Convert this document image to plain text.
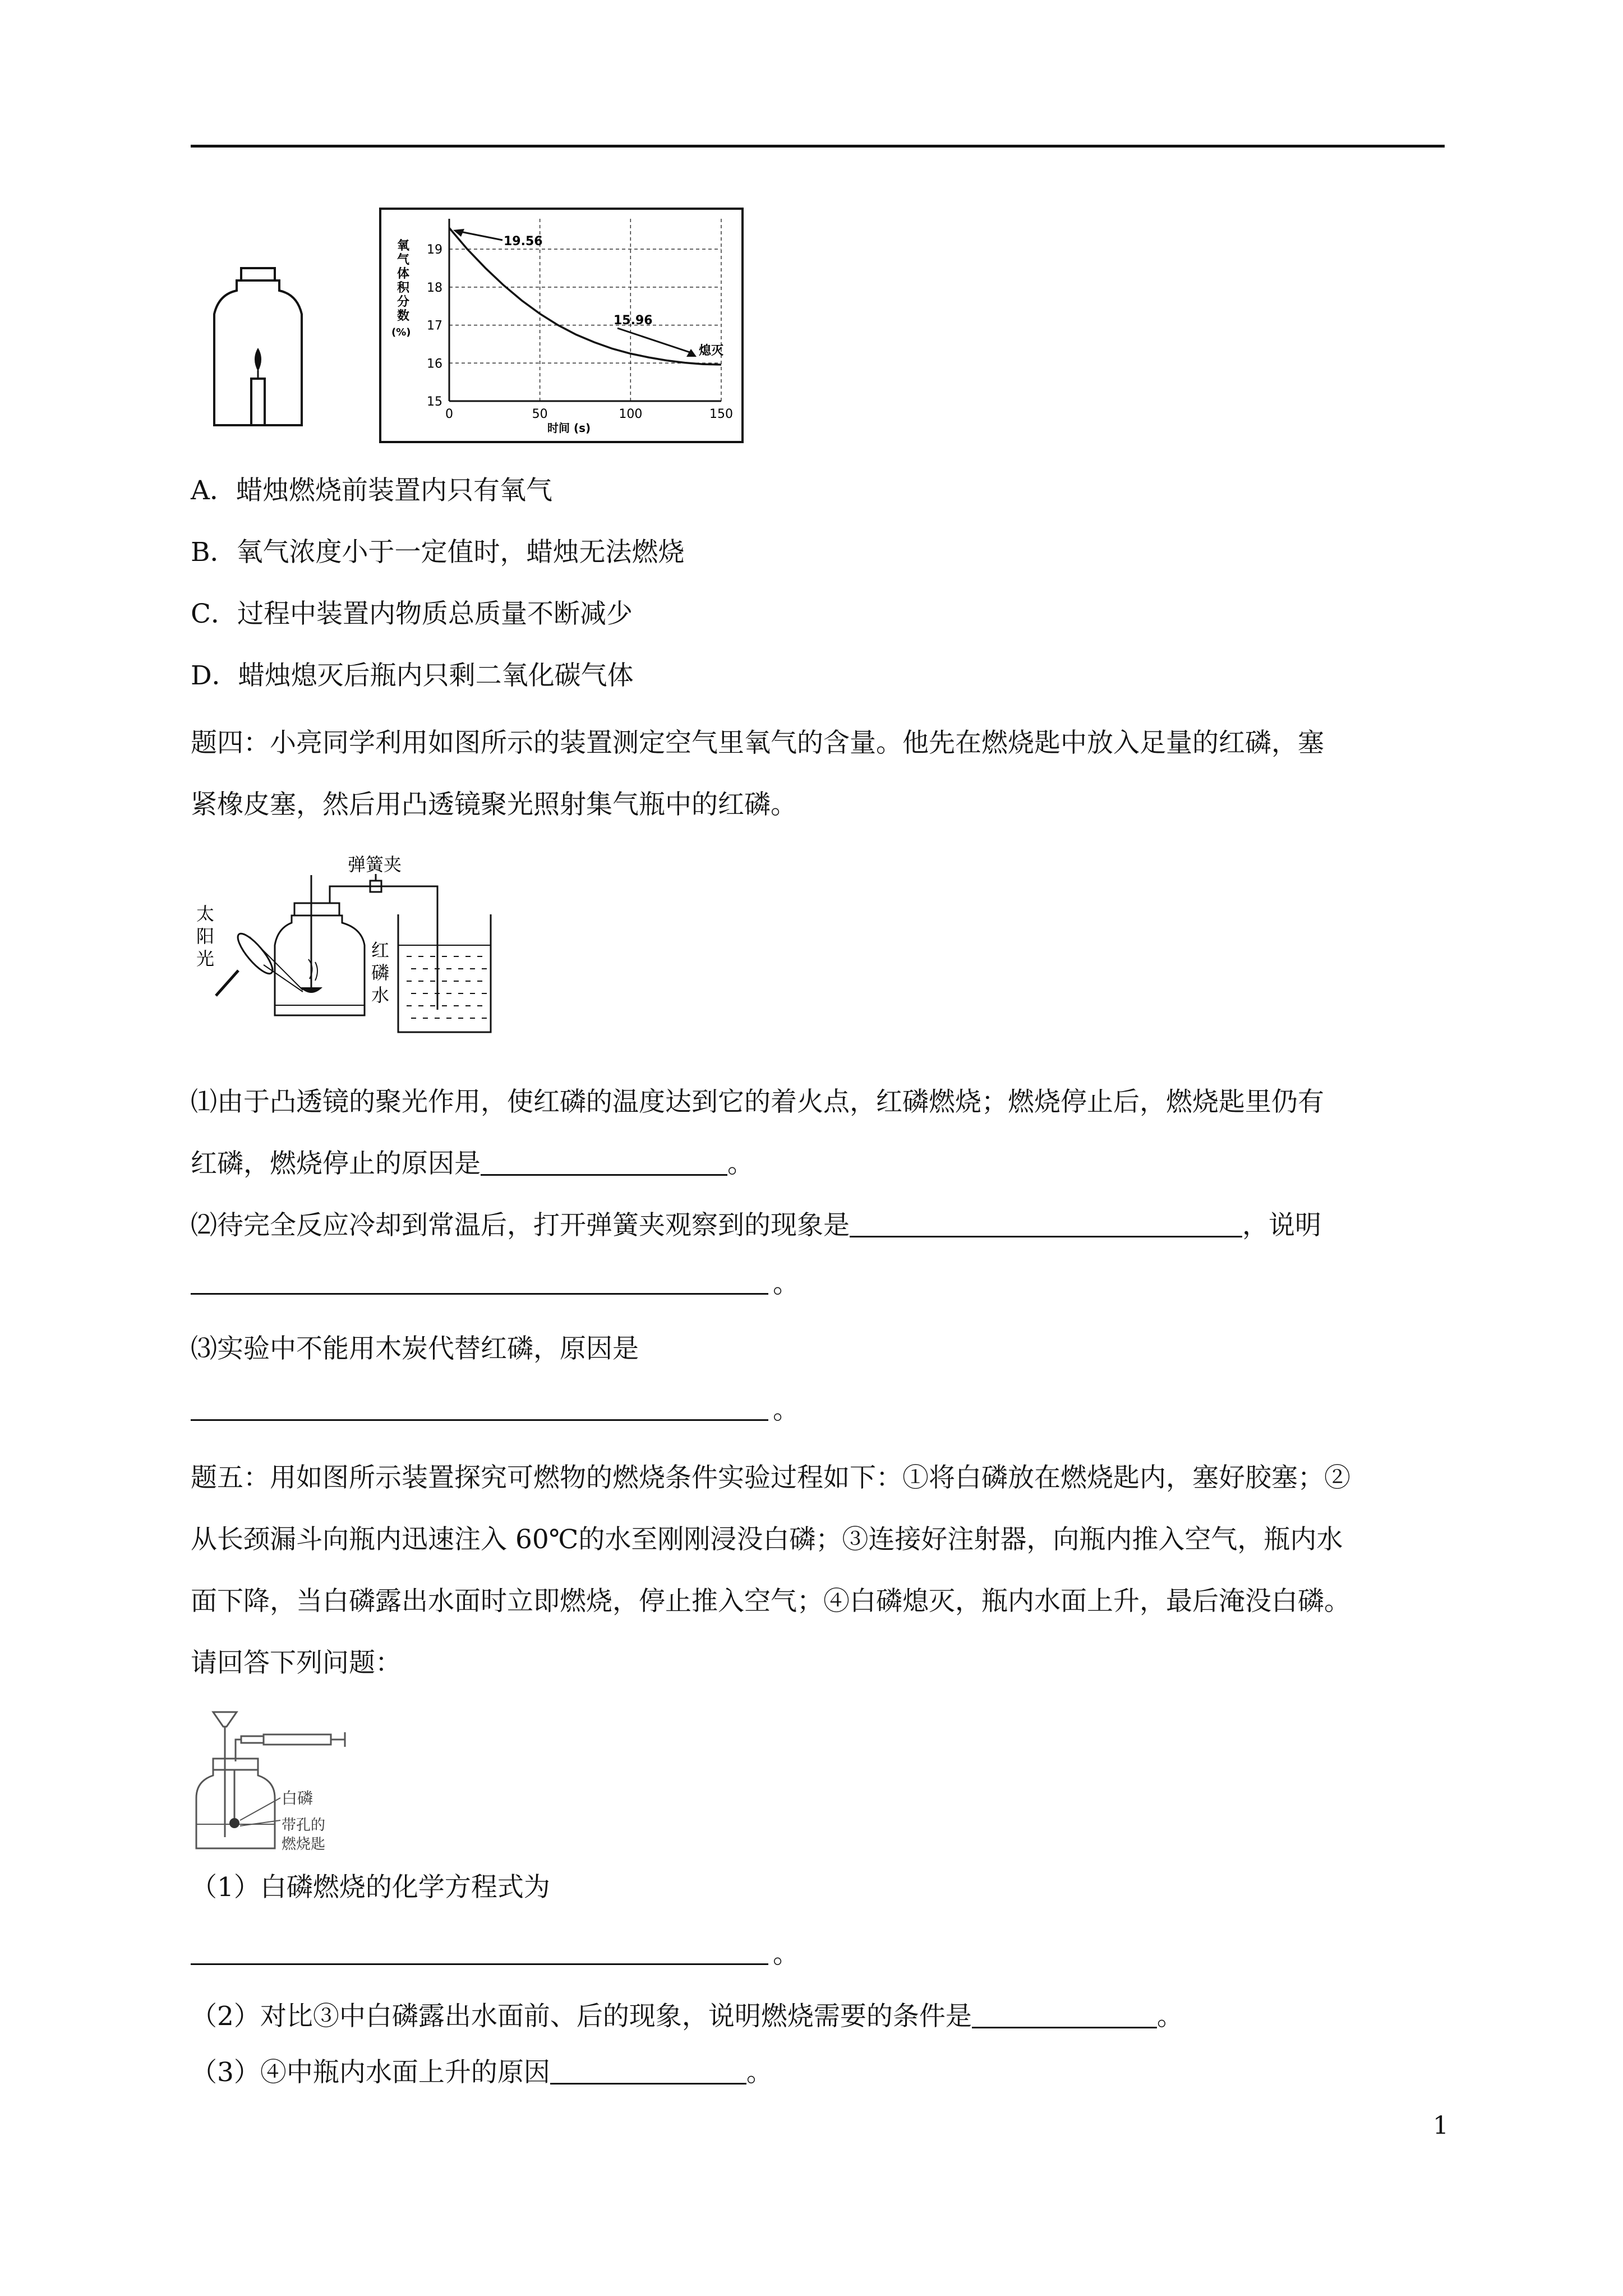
15
16
17
18
19
0	50	100	150
氧
气
体
积
分
数
(%)
时间 (s)
19.56
15.96
熄灭
A．蜡烛燃烧前装置内只有氧气
B．氧气浓度小于一定值时，蜡烛无法燃烧
C．过程中装置内物质总质量不断减少
D．蜡烛熄灭后瓶内只剩二氧化碳气体
题四：小亮同学利用如图所示的装置测定空气里氧气的含量。他先在燃烧匙中放入足量的红磷，塞
紧橡皮塞，然后用凸透镜聚光照射集气瓶中的红磷。
弹簧夹
太
阳
光	红
磷
水
⑴由于凸透镜的聚光作用，使红磷的温度达到它的着火点，红磷燃烧；燃烧停止后，燃烧匙里仍有
红磷，燃烧停止的原因是	。
⑵待完全反应冷却到常温后，打开弹簧夹观察到的现象是	，说明
。
⑶实验中不能用木炭代替红磷，原因是
。
题五：用如图所示装置探究可燃物的燃烧条件实验过程如下：①将白磷放在燃烧匙内，塞好胶塞；②
从长颈漏斗向瓶内迅速注入 60℃的水至刚刚浸没白磷；③连接好注射器，向瓶内推入空气，瓶内水
面下降，当白磷露出水面时立即燃烧，停止推入空气；④白磷熄灭，瓶内水面上升，最后淹没白磷。
请回答下列问题：
白磷
带孔的
燃烧匙
（1）白磷燃烧的化学方程式为
。
（2）对比③中白磷露出水面前、后的现象，说明燃烧需要的条件是	。
（3）④中瓶内水面上升的原因	。
1
